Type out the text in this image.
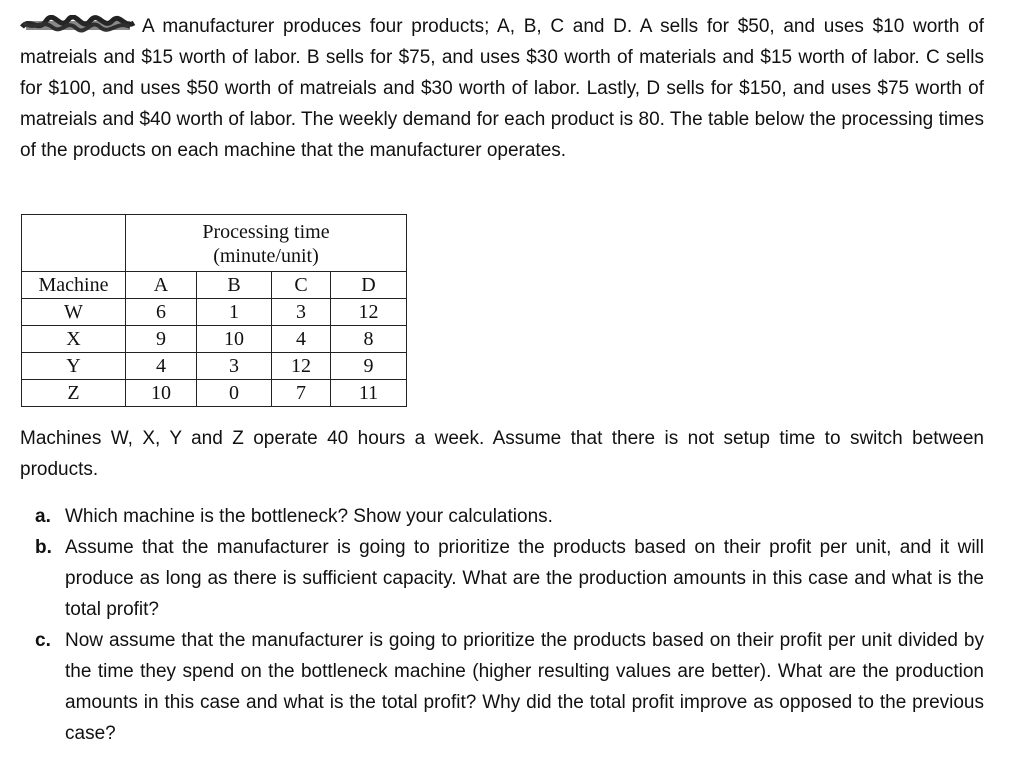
A manufacturer produces four products; A, B, C and D. A sells for $50, and uses $10 worth of matreials and $15 worth of labor. B sells for $75, and uses $30 worth of materials and $15 worth of labor. C sells for $100, and uses $50 worth of matreials and $30 worth of labor. Lastly, D sells for $150, and uses $75 worth of matreials and $40 worth of labor. The weekly demand for each product is 80. The table below the processing times of the products on each machine that the manufacturer operates.

	Processing time
(minute/unit)			

Machine	A	B	C	D
W	6	1	3	12
X	9	10	4	8
Y	4	3	12	9
Z	10	0	7	11

Machines W, X, Y and Z operate 40 hours a week. Assume that there is not setup time to switch between products.

a. Which machine is the bottleneck? Show your calculations.
b. Assume that the manufacturer is going to prioritize the products based on their profit per unit, and it will produce as long as there is sufficient capacity. What are the production amounts in this case and what is the total profit?
c. Now assume that the manufacturer is going to prioritize the products based on their profit per unit divided by the time they spend on the bottleneck machine (higher resulting values are better). What are the production amounts in this case and what is the total profit? Why did the total profit improve as opposed to the previous case?
